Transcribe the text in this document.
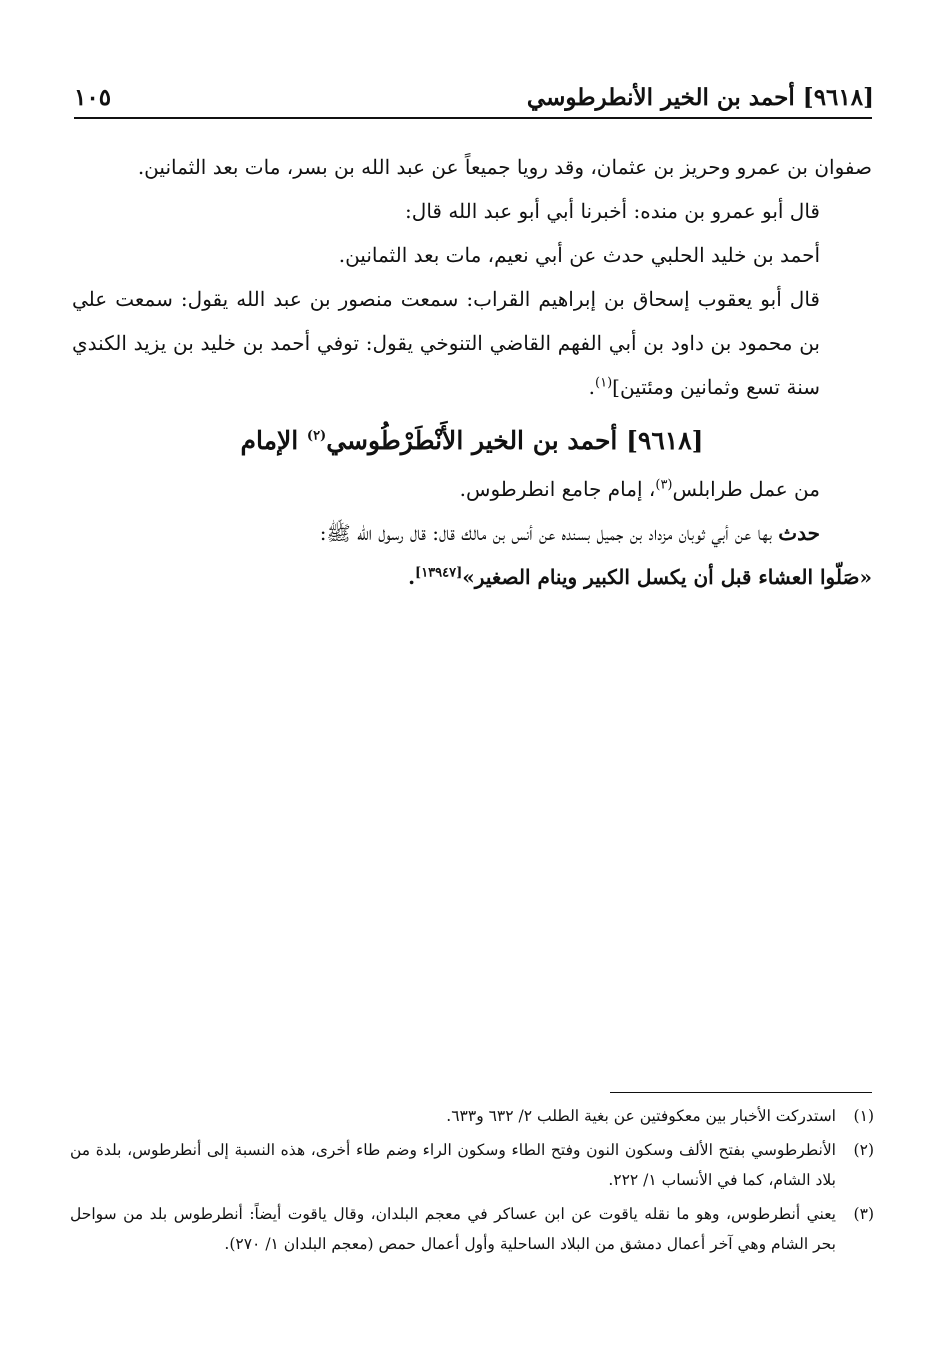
[٩٦١٨] أحمد بن الخير الأنطرطوسي
١٠٥

صفوان بن عمرو وحريز بن عثمان، وقد رويا جميعاً عن عبد الله بن بسر، مات بعد الثمانين.

قال أبو عمرو بن منده: أخبرنا أبي أبو عبد الله قال:

أحمد بن خليد الحلبي حدث عن أبي نعيم، مات بعد الثمانين.

قال أبو يعقوب إسحاق بن إبراهيم القراب: سمعت منصور بن عبد الله يقول: سمعت علي بن محمود بن داود بن أبي الفهم القاضي التنوخي يقول: توفي أحمد بن خليد بن يزيد الكندي سنة تسع وثمانين ومئتين]$^{(١)}$.

[٩٦١٨] أحمد بن الخير الأَنْطَرْطُوسي$^{(٢)}$ الإمام

من عمل طرابلس$^{(٣)}$، إمام جامع انطرطوس.

حدث بها عن أبي ثوبان مزداد بن جميل بسنده عن أنس بن مالك قال: قال رسول الله ﷺ:

«صَلّوا العشاء قبل أن يكسل الكبير وينام الصغير»[١٣٩٤٧].

(١)
استدركت الأخبار بين معكوفتين عن بغية الطلب ٢/ ٦٣٢ و٦٣٣.
(٢)
الأنطرطوسي بفتح الألف وسكون النون وفتح الطاء وسكون الراء وضم طاء أخرى، هذه النسبة إلى أنطرطوس، بلدة من بلاد الشام، كما في الأنساب ١/ ٢٢٢.
(٣)
يعني أنطرطوس، وهو ما نقله ياقوت عن ابن عساكر في معجم البلدان، وقال ياقوت أيضاً: أنطرطوس بلد من سواحل بحر الشام وهي آخر أعمال دمشق من البلاد الساحلية وأول أعمال حمص (معجم البلدان ١/ ٢٧٠).
